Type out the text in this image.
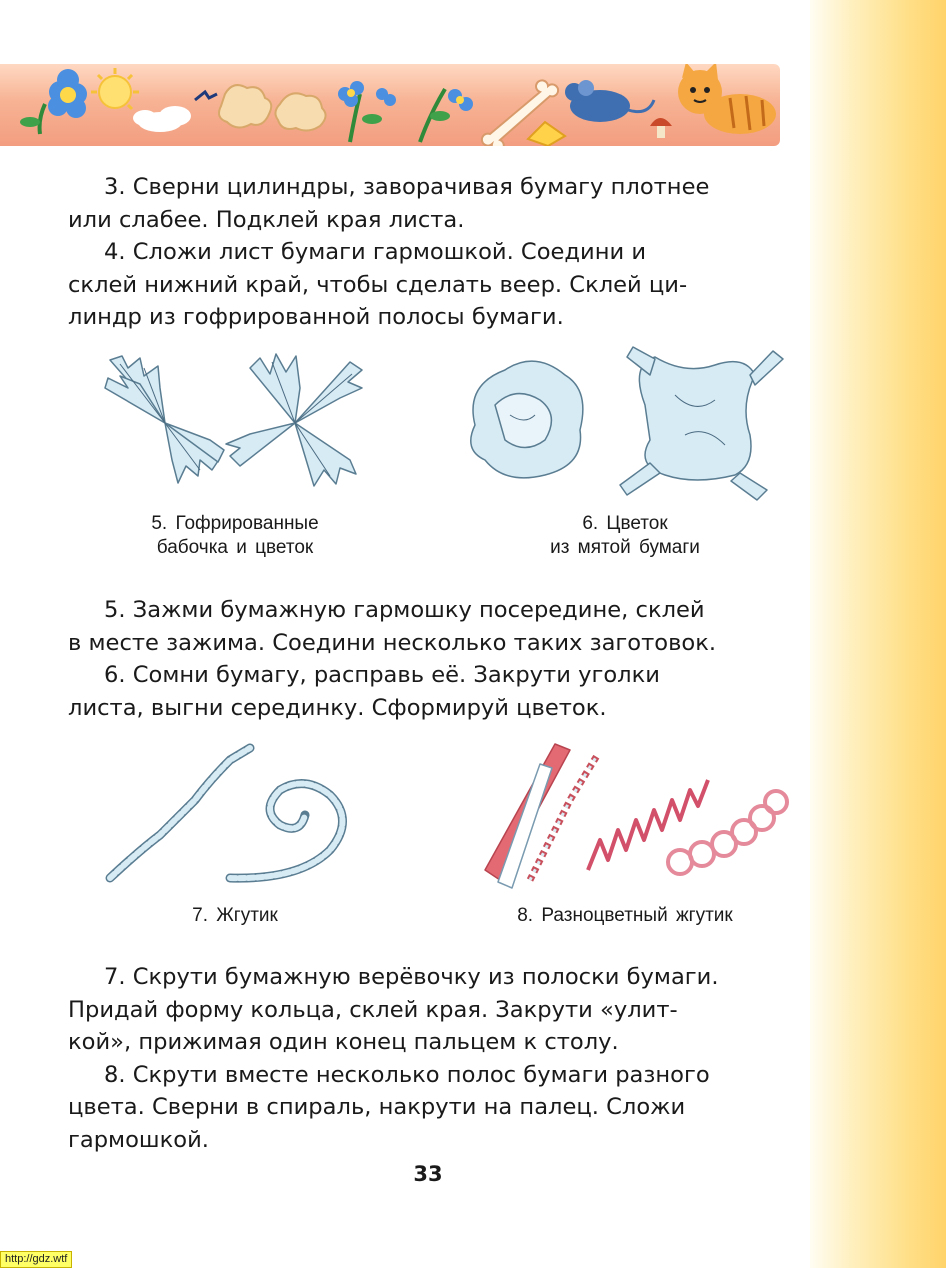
3. Сверни цилиндры, заворачивая бумагу плотнее
или слабее. Подклей края листа.

4. Сложи лист бумаги гармошкой. Соедини и
склей нижний край, чтобы сделать веер. Склей ци-
линдр из гофрированной полосы бумаги.

5. Гофрированные
бабочка и цветок
6. Цветок
из мятой бумаги

5. Зажми бумажную гармошку посередине, склей
в месте зажима. Соедини несколько таких заготовок.

6. Сомни бумагу, расправь её. Закрути уголки
листа, выгни серединку. Сформируй цветок.

7. Жгутик	8. Разноцветный жгутик

7. Скрути бумажную верёвочку из полоски бумаги.
Придай форму кольца, склей края. Закрути «улит-
кой», прижимая один конец пальцем к столу.

8. Скрути вместе несколько полос бумаги разного
цвета. Сверни в спираль, накрути на палец. Сложи
гармошкой.

33
http://gdz.wtf
